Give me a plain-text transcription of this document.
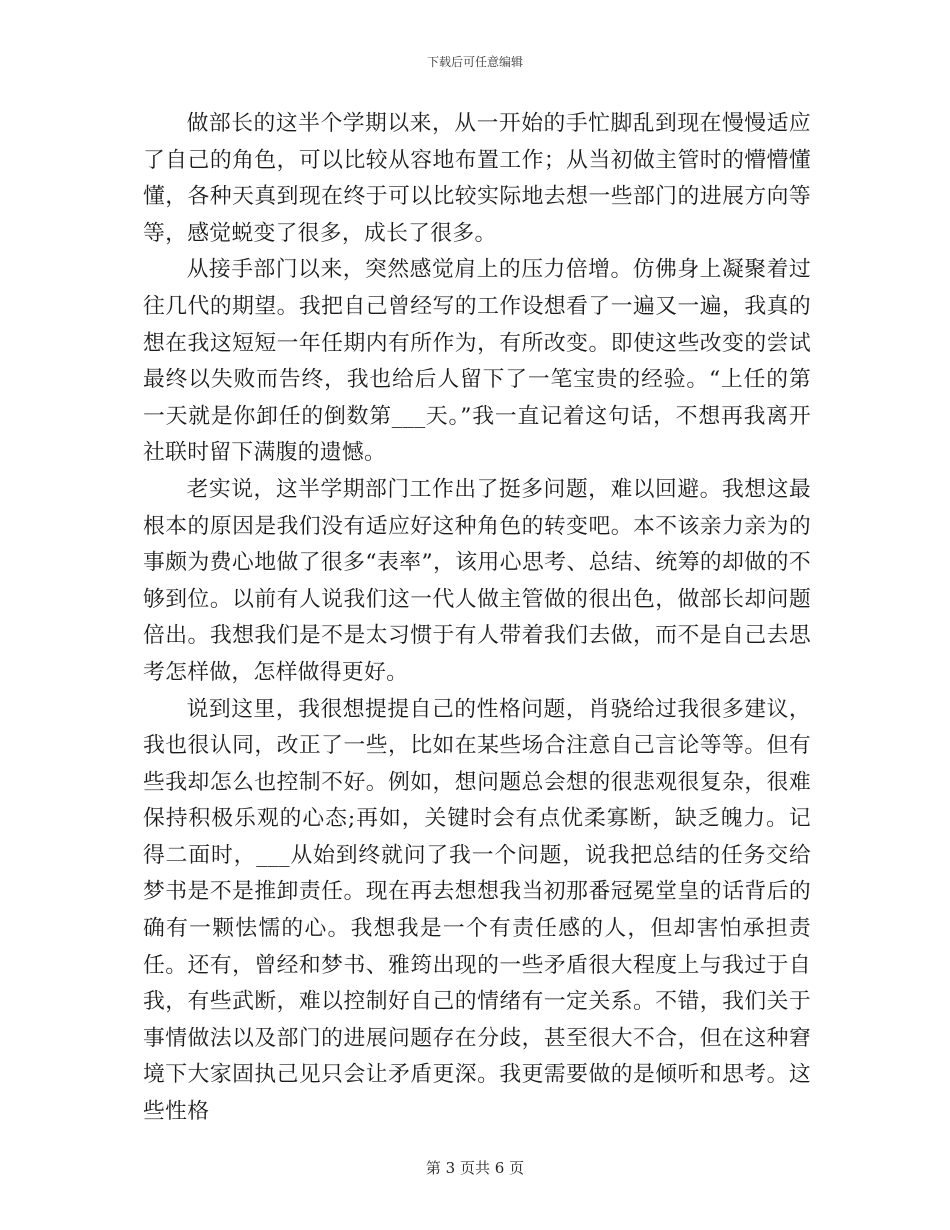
下载后可任意编辑

做部长的这半个学期以来，从一开始的手忙脚乱到现在慢慢适应了自己的角色，可以比较从容地布置工作；从当初做主管时的懵懵懂懂，各种天真到现在终于可以比较实际地去想一些部门的进展方向等等，感觉蜕变了很多，成长了很多。

从接手部门以来，突然感觉肩上的压力倍增。仿佛身上凝聚着过往几代的期望。我把自己曾经写的工作设想看了一遍又一遍，我真的想在我这短短一年任期内有所作为，有所改变。即使这些改变的尝试最终以失败而告终，我也给后人留下了一笔宝贵的经验。“上任的第一天就是你卸任的倒数第___天。”我一直记着这句话，不想再我离开社联时留下满腹的遗憾。

老实说，这半学期部门工作出了挺多问题，难以回避。我想这最根本的原因是我们没有适应好这种角色的转变吧。本不该亲力亲为的事颇为费心地做了很多“表率”，该用心思考、总结、统筹的却做的不够到位。以前有人说我们这一代人做主管做的很出色，做部长却问题倍出。我想我们是不是太习惯于有人带着我们去做，而不是自己去思考怎样做，怎样做得更好。

说到这里，我很想提提自己的性格问题，肖骁给过我很多建议，我也很认同，改正了一些，比如在某些场合注意自己言论等等。但有些我却怎么也控制不好。例如，想问题总会想的很悲观很复杂，很难保持积极乐观的心态;再如，关键时会有点优柔寡断，缺乏魄力。记得二面时，___从始到终就问了我一个问题，说我把总结的任务交给梦书是不是推卸责任。现在再去想想我当初那番冠冕堂皇的话背后的确有一颗怯懦的心。我想我是一个有责任感的人，但却害怕承担责任。还有，曾经和梦书、雅筠出现的一些矛盾很大程度上与我过于自我，有些武断，难以控制好自己的情绪有一定关系。不错，我们关于事情做法以及部门的进展问题存在分歧，甚至很大不合，但在这种窘境下大家固执己见只会让矛盾更深。我更需要做的是倾听和思考。这些性格

第 3 页共 6 页
